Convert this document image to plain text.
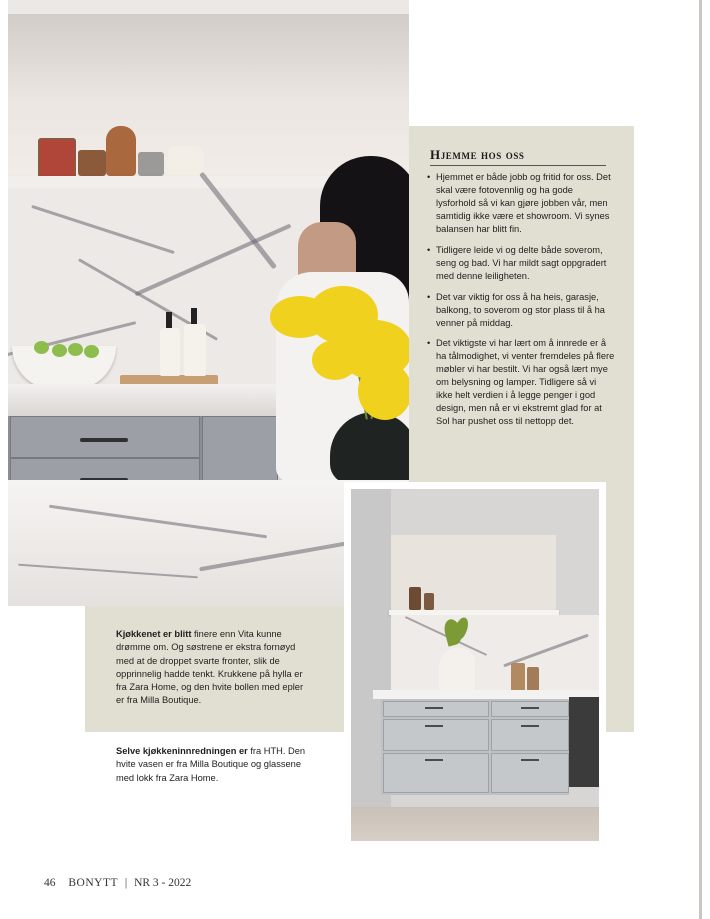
Hjemme hos oss
• Hjemmet er både jobb og fritid for oss. Det skal være fotovennlig og ha gode lysforhold så vi kan gjøre jobben vår, men samtidig ikke være et showroom. Vi synes balansen har blitt fin.
• Tidligere leide vi og delte både soverom, seng og bad. Vi har mildt sagt oppgradert med denne leiligheten.
• Det var viktig for oss å ha heis, garasje, balkong, to soverom og stor plass til å ha venner på middag.
• Det viktigste vi har lært om å innrede er å ha tålmodighet, vi venter fremdeles på flere møbler vi har bestilt. Vi har også lært mye om belysning og lamper. Tidligere så vi ikke helt verdien i å legge penger i god design, men nå er vi ekstremt glad for at Sol har pushet oss til nettopp det.
Kjøkkenet er blitt finere enn Vita kunne drømme om. Og søstrene er ekstra fornøyd med at de droppet svarte fronter, slik de opprinnelig hadde tenkt. Krukkene på hylla er fra Zara Home, og den hvite bollen med epler er fra Milla Boutique.
Selve kjøkkeninnredningen er fra HTH. Den hvite vasen er fra Milla Boutique og glassene med lokk fra Zara Home.
46 BONYTT | NR 3 - 2022
